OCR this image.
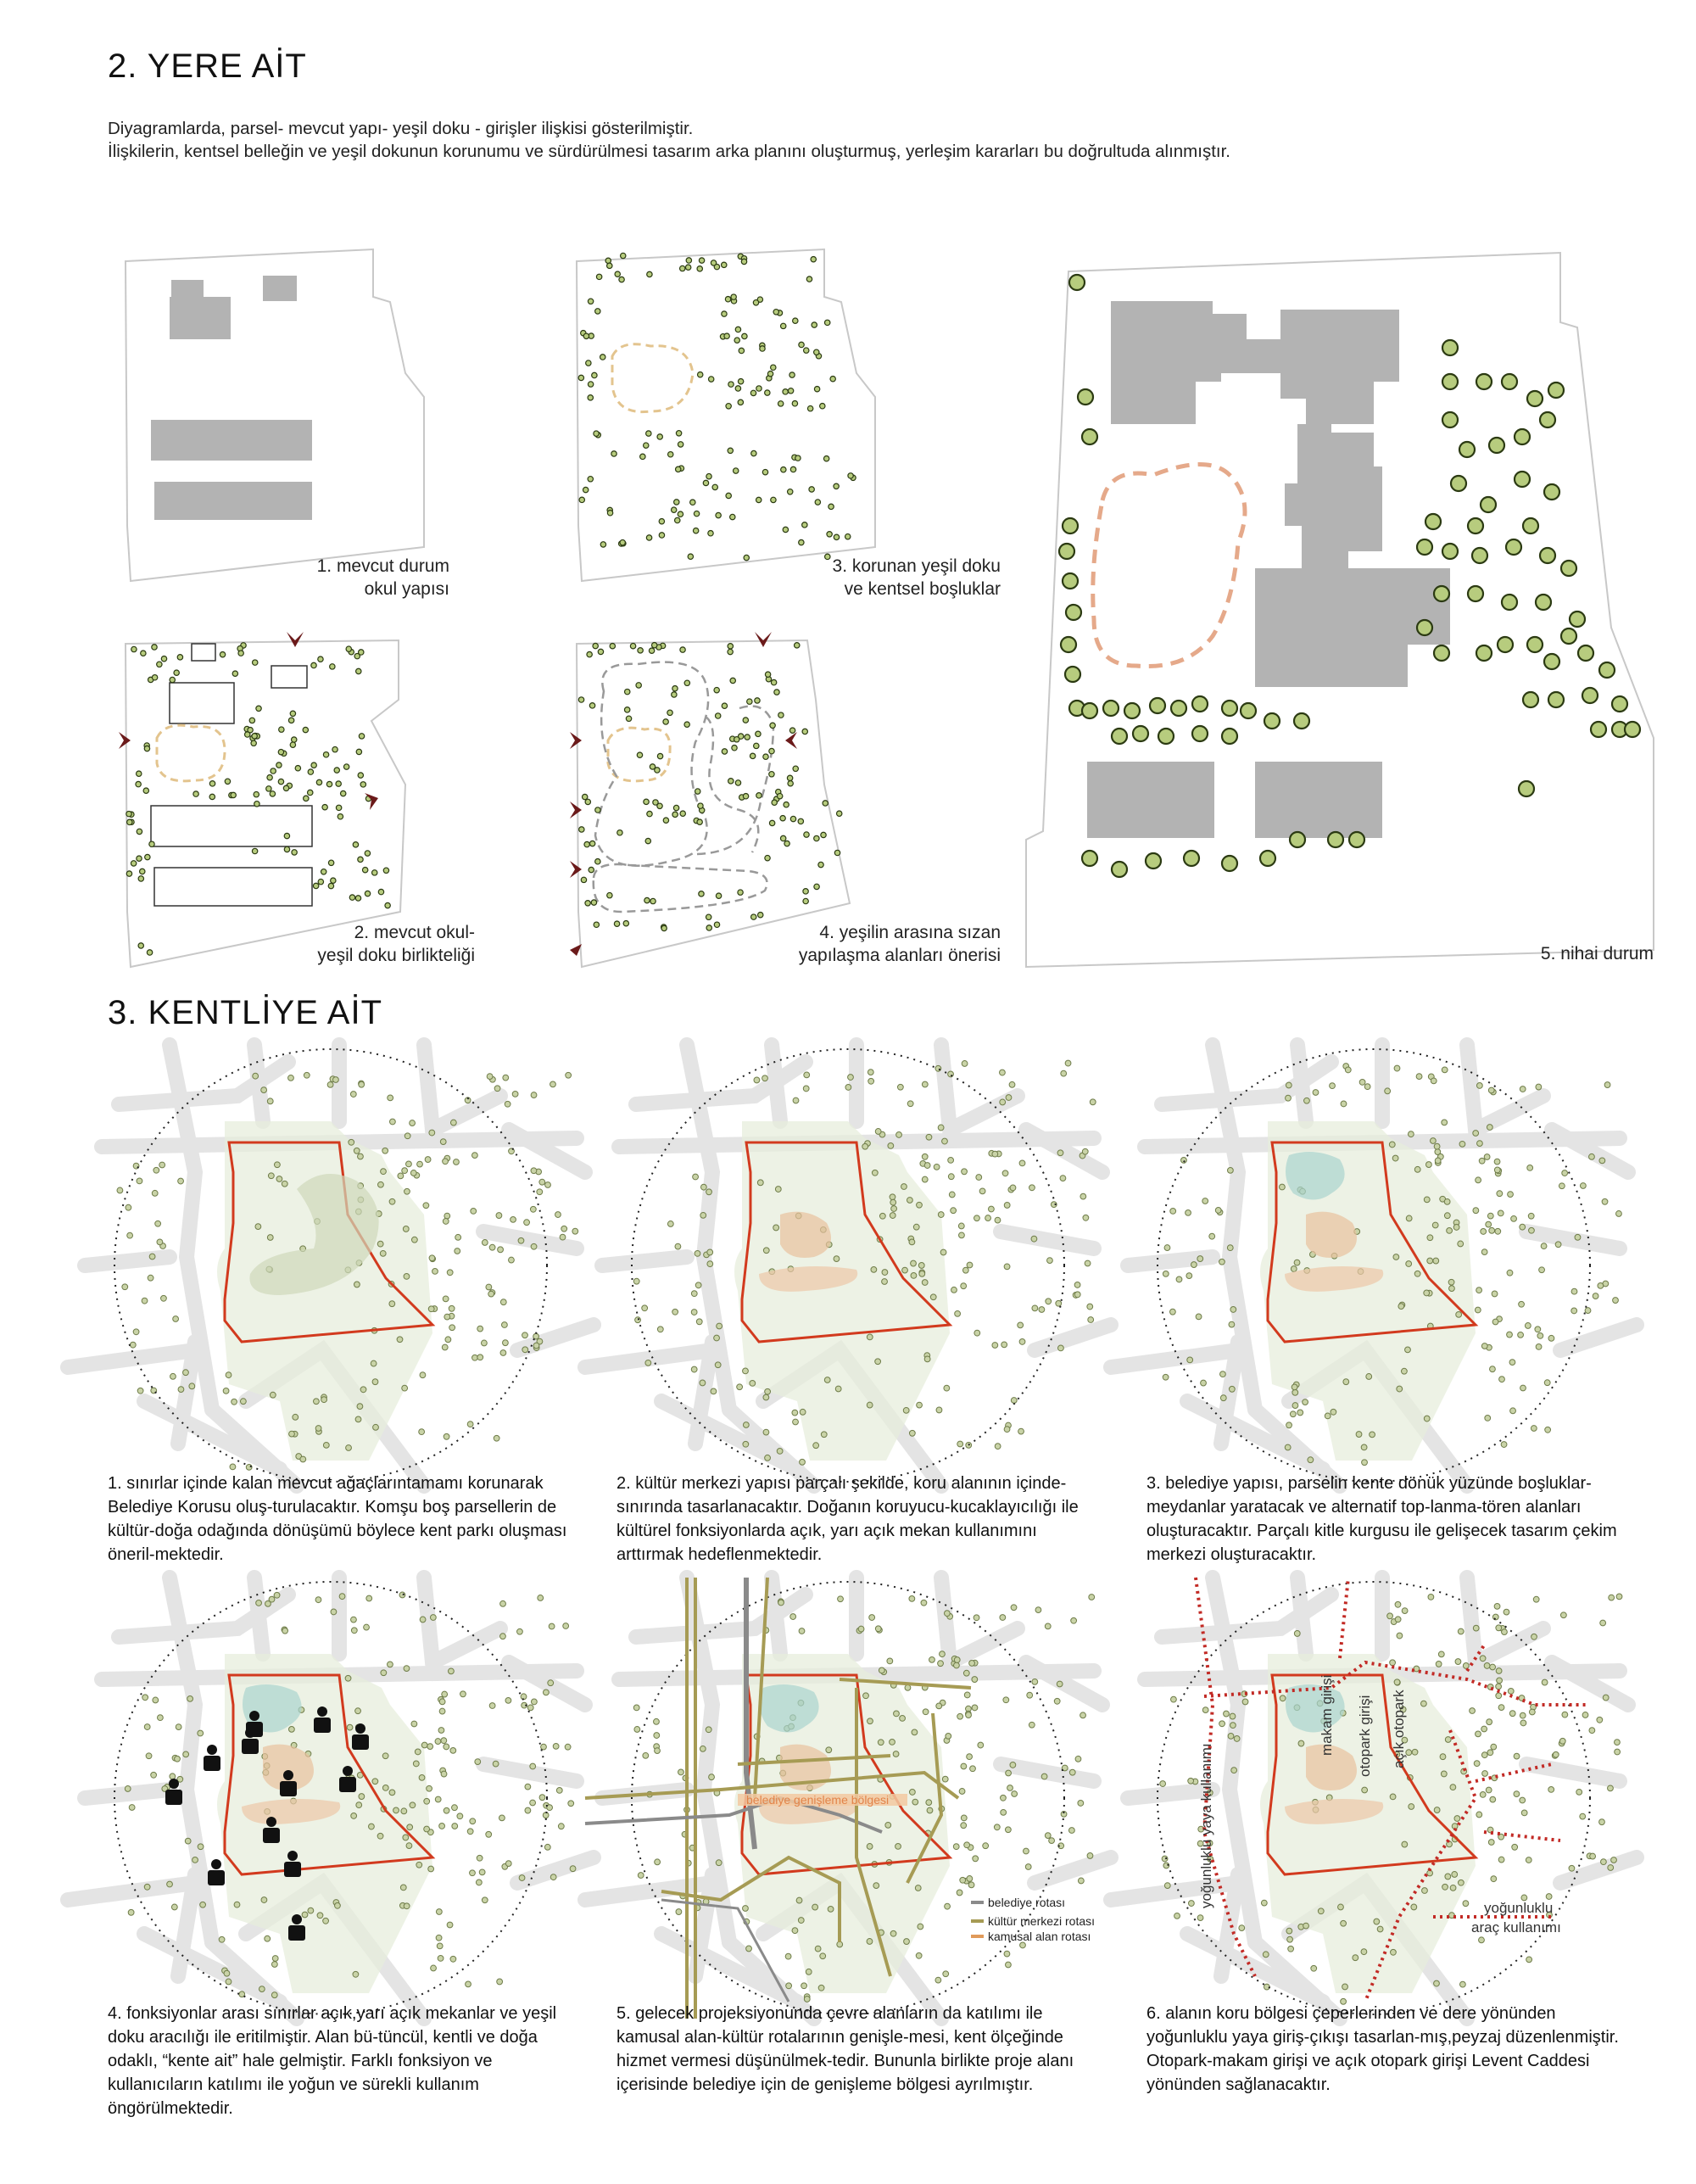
2. YERE AİT
Diyagramlarda, parsel- mevcut yapı- yeşil doku - girişler ilişkisi gösterilmiştir.
İlişkilerin, kentsel belleğin ve yeşil dokunun korunumu ve sürdürülmesi tasarım arka planını oluşturmuş, yerleşim kararları bu doğrultuda alınmıştır.
1. mevcut durum
okul yapısı
3. korunan yeşil doku
ve kentsel boşluklar
2. mevcut okul-
yeşil doku birlikteliği
4. yeşilin arasına sızan
yapılaşma alanları önerisi	5. nihai durum
3. KENTLİYE AİT
belediye genişleme bölgesi
belediye rotası
kültür merkezi rotası
kamusal alan rotası
yoğunluklu yaya kullanımı
makam girişi otopark girişi açık otopark
yoğunluklu
araç kullanımı
1. sınırlar içinde kalan mevcut ağaçlarıntamamı korunarak Belediye Korusu oluş-turulacaktır. Komşu boş parsellerin de kültür-doğa odağında dönüşümü böylece kent parkı oluşması öneril-mektedir.
2. kültür merkezi yapısı parçalı şekilde, koru alanının içinde-sınırında tasarlanacaktır. Doğanın koruyucu-kucaklayıcılığı ile kültürel fonksiyonlarda açık, yarı açık mekan kullanımını arttırmak hedeflenmektedir.
3. belediye yapısı, parselin kente dönük yüzünde boşluklar- meydanlar yaratacak ve alternatif top-lanma-tören alanları oluşturacaktır. Parçalı kitle kurgusu ile gelişecek tasarım çekim merkezi oluşturacaktır.
4. fonksiyonlar arası sınırlar açık,yarı açık mekanlar ve yeşil doku aracılığı ile eritilmiştir. Alan bü-tüncül, kentli ve doğa odaklı, “kente ait” hale gelmiştir. Farklı fonksiyon ve kullanıcıların katılımı ile yoğun ve sürekli kullanım öngörülmektedir.
5. gelecek projeksiyonunda çevre alanların da katılımı ile kamusal alan-kültür rotalarının genişle-mesi, kent ölçeğinde hizmet vermesi düşünülmek-tedir. Bununla birlikte proje alanı içerisinde belediye için de genişleme bölgesi ayrılmıştır.
6. alanın koru bölgesi çeperlerinden ve dere yönünden yoğunluklu yaya giriş-çıkışı tasarlan-mış,peyzaj düzenlenmiştir. Otopark-makam girişi ve açık otopark girişi Levent Caddesi yönünden sağlanacaktır.
